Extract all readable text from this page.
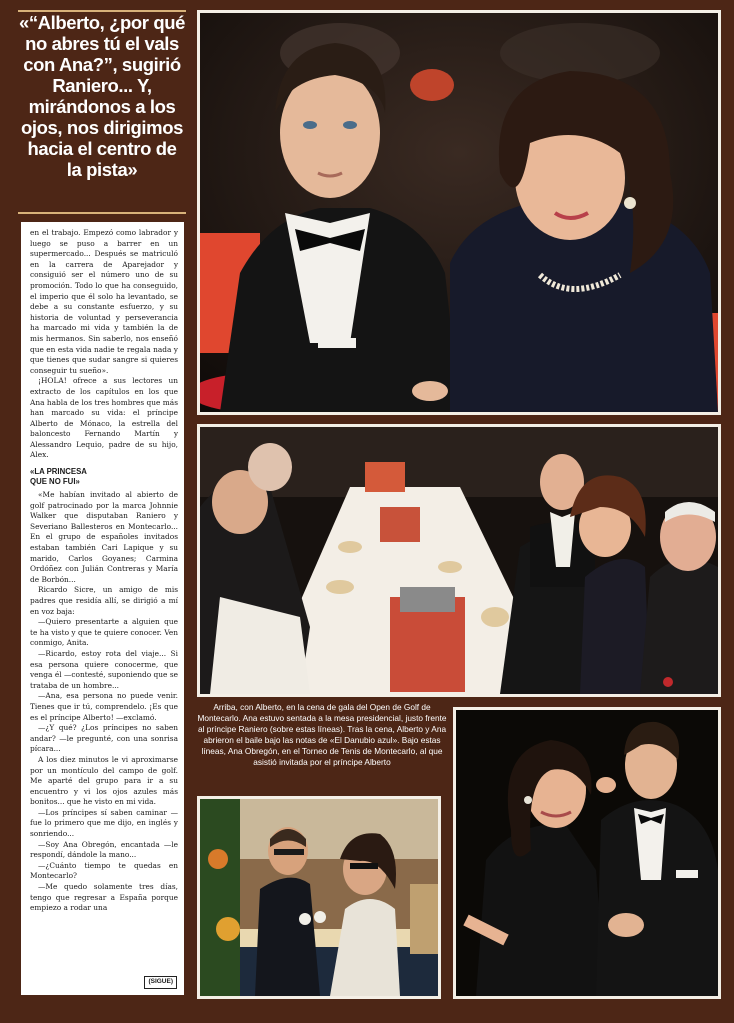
«“Alberto, ¿por qué no abres tú el vals con Ana?”, sugirió Raniero... Y, mirándonos a los ojos, nos dirigimos hacia el centro de la pista»

en el trabajo. Empezó como labrador y luego se puso a barrer en un supermercado... Después se matriculó en la carrera de Aparejador y consiguió ser el número uno de su promoción. Todo lo que ha conseguido, el imperio que él solo ha levantado, se debe a su constante esfuerzo, y su historia de voluntad y perseverancia ha marcado mi vida y también la de mis hermanos. Sin saberlo, nos enseñó que en esta vida nadie te regala nada y que tienes que sudar sangre si quieres conseguir tu sueño».

¡HOLA! ofrece a sus lectores un extracto de los capítulos en los que Ana habla de los tres hombres que más han marcado su vida: el príncipe Alberto de Mónaco, la estrella del baloncesto Fernando Martín y Alessandro Lequio, padre de su hijo, Alex.

«LA PRINCESA
QUE NO FUI»

«Me habían invitado al abierto de golf patrocinado por la marca Johnnie Walker que disputaban Raniero y Severiano Ballesteros en Montecarlo... En el grupo de españoles invitados estaban también Cari Lapique y su marido, Carlos Goyanes; Carmina Ordóñez con Julián Contreras y María de Borbón...

Ricardo Sicre, un amigo de mis padres que residía allí, se dirigió a mí en voz baja:

—Quiero presentarte a alguien que te ha visto y que te quiere conocer. Ven conmigo, Anita.

—Ricardo, estoy rota del viaje... Si esa persona quiere conocerme, que venga él —contesté, suponiendo que se trataba de un hombre...

—Ana, esa persona no puede venir. Tienes que ir tú, comprendelo. ¡Es que es el príncipe Alberto! —exclamó.

—¿Y qué? ¿Los príncipes no saben andar? —le pregunté, con una sonrisa pícara...

A los diez minutos le vi aproximarse por un montículo del campo de golf. Me aparté del grupo para ir a su encuentro y vi los ojos azules más bonitos... que he visto en mi vida.

—Los príncipes sí saben caminar —fue lo primero que me dijo, en inglés y sonriendo...

—Soy Ana Obregón, encantada —le respondí, dándole la mano...

—¿Cuánto tiempo te quedas en Montecarlo?

—Me quedo solamente tres días, tengo que regresar a España porque empiezo a rodar una

(SIGUE)
Arriba, con Alberto, en la cena de gala del Open de Golf de Montecarlo. Ana estuvo sentada a la mesa presidencial, justo frente al príncipe Raniero (sobre estas líneas). Tras la cena, Alberto y Ana abrieron el baile bajo las notas de «El Danubio azul». Bajo estas líneas, Ana Obregón, en el Torneo de Tenis de Montecarlo, al que asistió invitada por el príncipe Alberto
